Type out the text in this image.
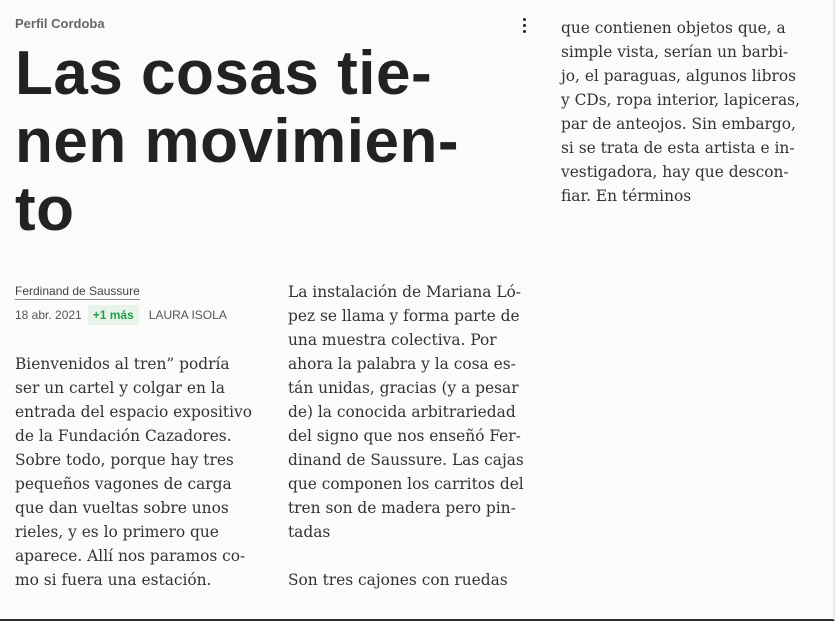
Perfil Cordoba
Las cosas tie-
nen movimien-
to
Ferdinand de Saussure
18 abr. 2021 +1 más	LAURA ISOLA
Bienvenidos al tren” podría
ser un cartel y colgar en la
entrada del espacio expositivo
de la Fundación Cazadores.
Sobre todo, porque hay tres
pequeños vagones de carga
que dan vueltas sobre unos
rieles, y es lo primero que
aparece. Allí nos paramos co-
mo si fuera una estación.
La instalación de Mariana Ló-
pez se llama y forma parte de
una muestra colectiva. Por
ahora la palabra y la cosa es-
tán unidas, gracias (y a pesar
de) la conocida arbitrariedad
del signo que nos enseñó Fer-
dinand de Saussure. Las cajas
que componen los carritos del
tren son de madera pero pin-
tadas
Son tres cajones con ruedas
que contienen objetos que, a
simple vista, serían un barbi-
jo, el paraguas, algunos libros
y CDs, ropa interior, lapiceras,
par de anteojos. Sin embargo,
si se trata de esta artista e in-
vestigadora, hay que descon-
fiar. En términos
